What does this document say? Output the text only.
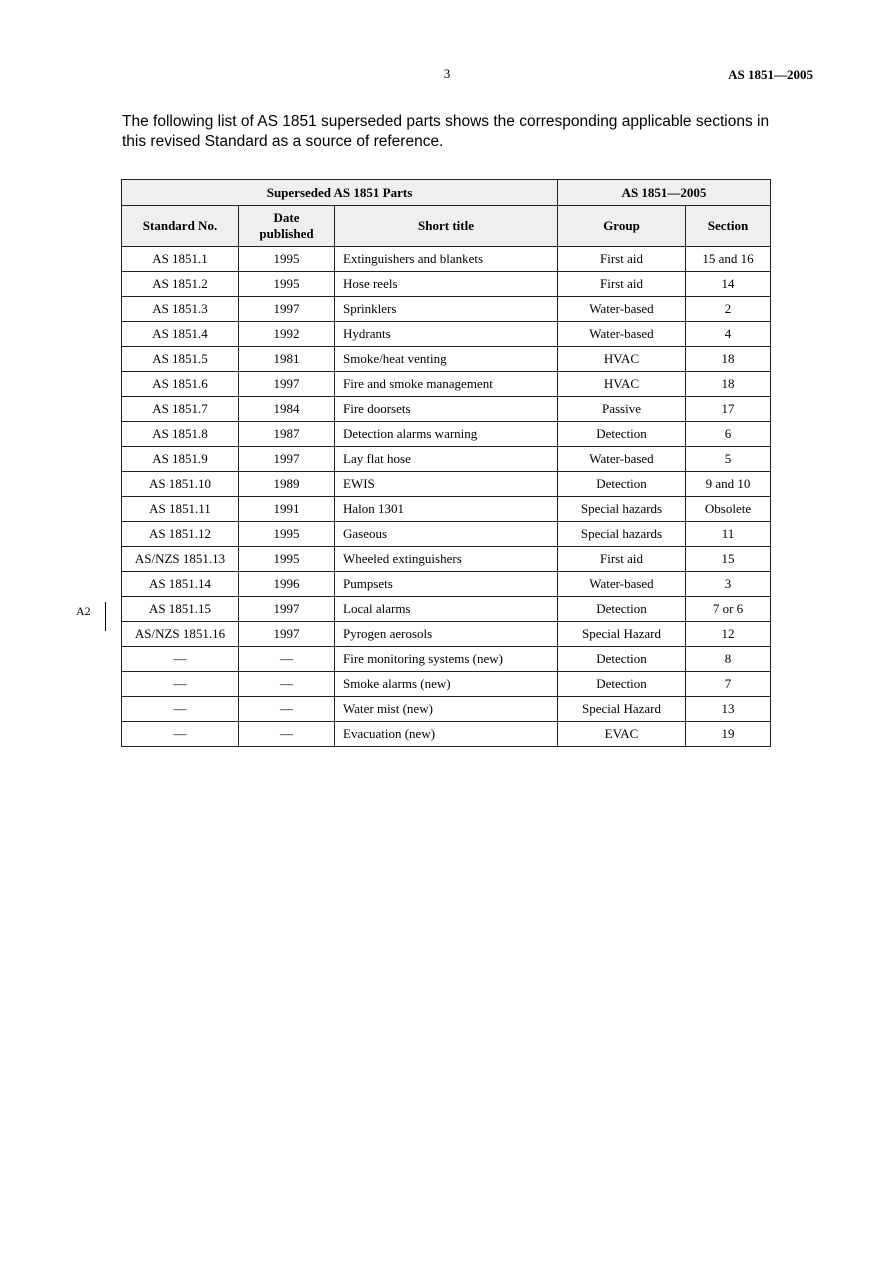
3	AS 1851—2005

The following list of AS 1851 superseded parts shows the corresponding applicable sections in this revised Standard as a source of reference.

A2
Superseded AS 1851 Parts			AS 1851—2005	
Standard No.	Date published	Short title	Group	Section
AS 1851.1	1995	Extinguishers and blankets	First aid	15 and 16
AS 1851.2	1995	Hose reels	First aid	14
AS 1851.3	1997	Sprinklers	Water-based	2
AS 1851.4	1992	Hydrants	Water-based	4
AS 1851.5	1981	Smoke/heat venting	HVAC	18
AS 1851.6	1997	Fire and smoke management	HVAC	18
AS 1851.7	1984	Fire doorsets	Passive	17
AS 1851.8	1987	Detection alarms warning	Detection	6
AS 1851.9	1997	Lay flat hose	Water-based	5
AS 1851.10	1989	EWIS	Detection	9 and 10
AS 1851.11	1991	Halon 1301	Special hazards	Obsolete
AS 1851.12	1995	Gaseous	Special hazards	11
AS/NZS 1851.13	1995	Wheeled extinguishers	First aid	15
AS 1851.14	1996	Pumpsets	Water-based	3
AS 1851.15	1997	Local alarms	Detection	7 or 6
AS/NZS 1851.16	1997	Pyrogen aerosols	Special Hazard	12
—	—	Fire monitoring systems (new)	Detection	8
—	—	Smoke alarms (new)	Detection	7
—	—	Water mist (new)	Special Hazard	13
—	—	Evacuation (new)	EVAC	19
